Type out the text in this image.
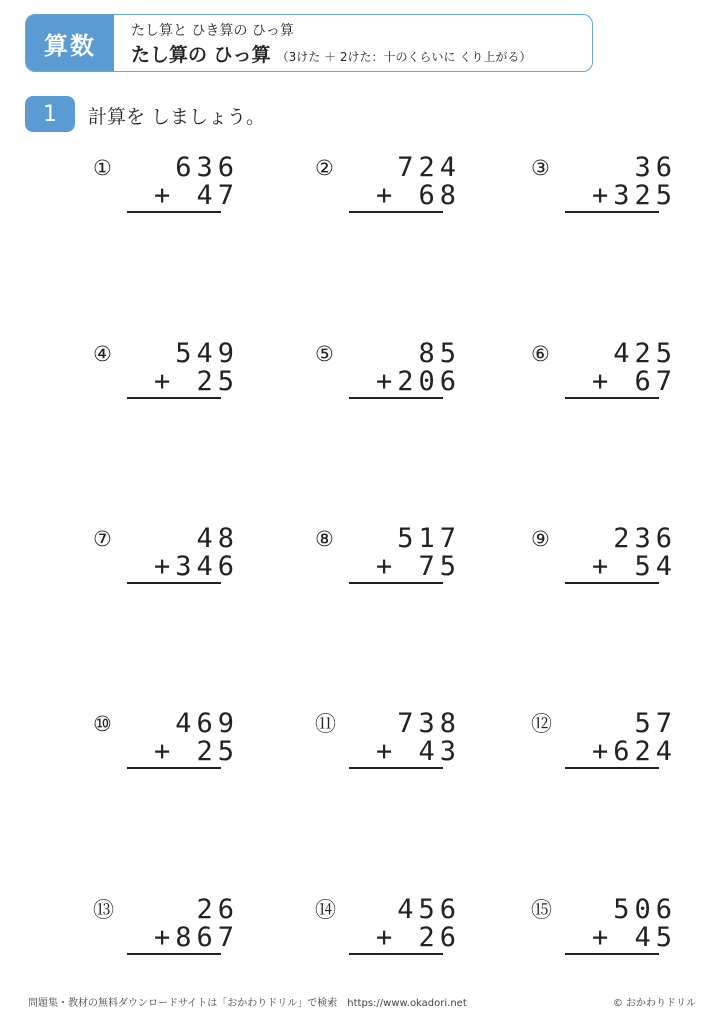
算数
たし算と ひき算の ひっ算
たし算の ひっ算 （3けた ＋ 2けた：十のくらいに くり上がる）
1	計算を しましょう。
① 636
+ 47
② 724
+ 68
③	36
+325
④ 549
+ 25
⑤	85
+206
⑥ 425
+ 67
⑦	48
+346
⑧ 517
+ 75
⑨ 236
+ 54
⑩ 469
+ 25
⑪ 738
+ 43
⑫	57
+624
⑬	26
+867
⑭ 456
+ 26
⑮ 506
+ 45
問題集・教材の無料ダウンロードサイトは「おかわりドリル」で検索　https://www.okadori.net	© おかわりドリル
